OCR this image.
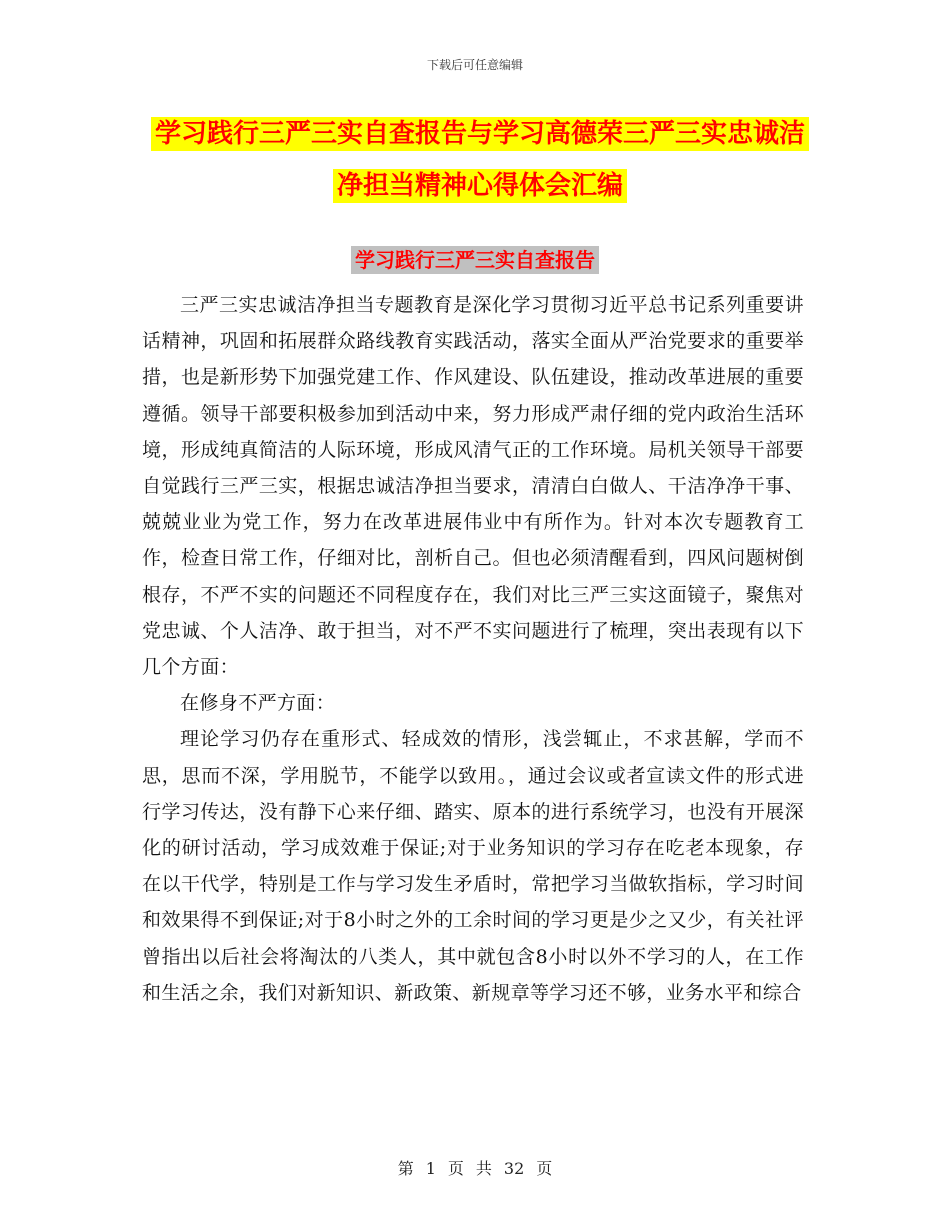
下载后可任意编辑
学习践行三严三实自查报告与学习高德荣三严三实忠诚洁净担当精神心得体会汇编
学习践行三严三实自查报告

三严三实忠诚洁净担当专题教育是深化学习贯彻习近平总书记系列重要讲话精神，巩固和拓展群众路线教育实践活动，落实全面从严治党要求的重要举措，也是新形势下加强党建工作、作风建设、队伍建设，推动改革进展的重要遵循。领导干部要积极参加到活动中来，努力形成严肃仔细的党内政治生活环境，形成纯真简洁的人际环境，形成风清气正的工作环境。局机关领导干部要自觉践行三严三实，根据忠诚洁净担当要求，清清白白做人、干洁净净干事、兢兢业业为党工作，努力在改革进展伟业中有所作为。针对本次专题教育工作，检查日常工作，仔细对比，剖析自己。但也必须清醒看到，四风问题树倒根存，不严不实的问题还不同程度存在，我们对比三严三实这面镜子，聚焦对党忠诚、个人洁净、敢于担当，对不严不实问题进行了梳理，突出表现有以下几个方面：

在修身不严方面：

理论学习仍存在重形式、轻成效的情形，浅尝辄止，不求甚解，学而不思，思而不深，学用脱节，不能学以致用。，通过会议或者宣读文件的形式进行学习传达，没有静下心来仔细、踏实、原本的进行系统学习，也没有开展深化的研讨活动，学习成效难于保证;对于业务知识的学习存在吃老本现象，存在以干代学，特别是工作与学习发生矛盾时，常把学习当做软指标，学习时间和效果得不到保证;对于8小时之外的工余时间的学习更是少之又少，有关社评曾指出以后社会将淘汰的八类人，其中就包含8小时以外不学习的人，在工作和生活之余，我们对新知识、新政策、新规章等学习还不够，业务水平和综合

第 1 页 共 32 页
